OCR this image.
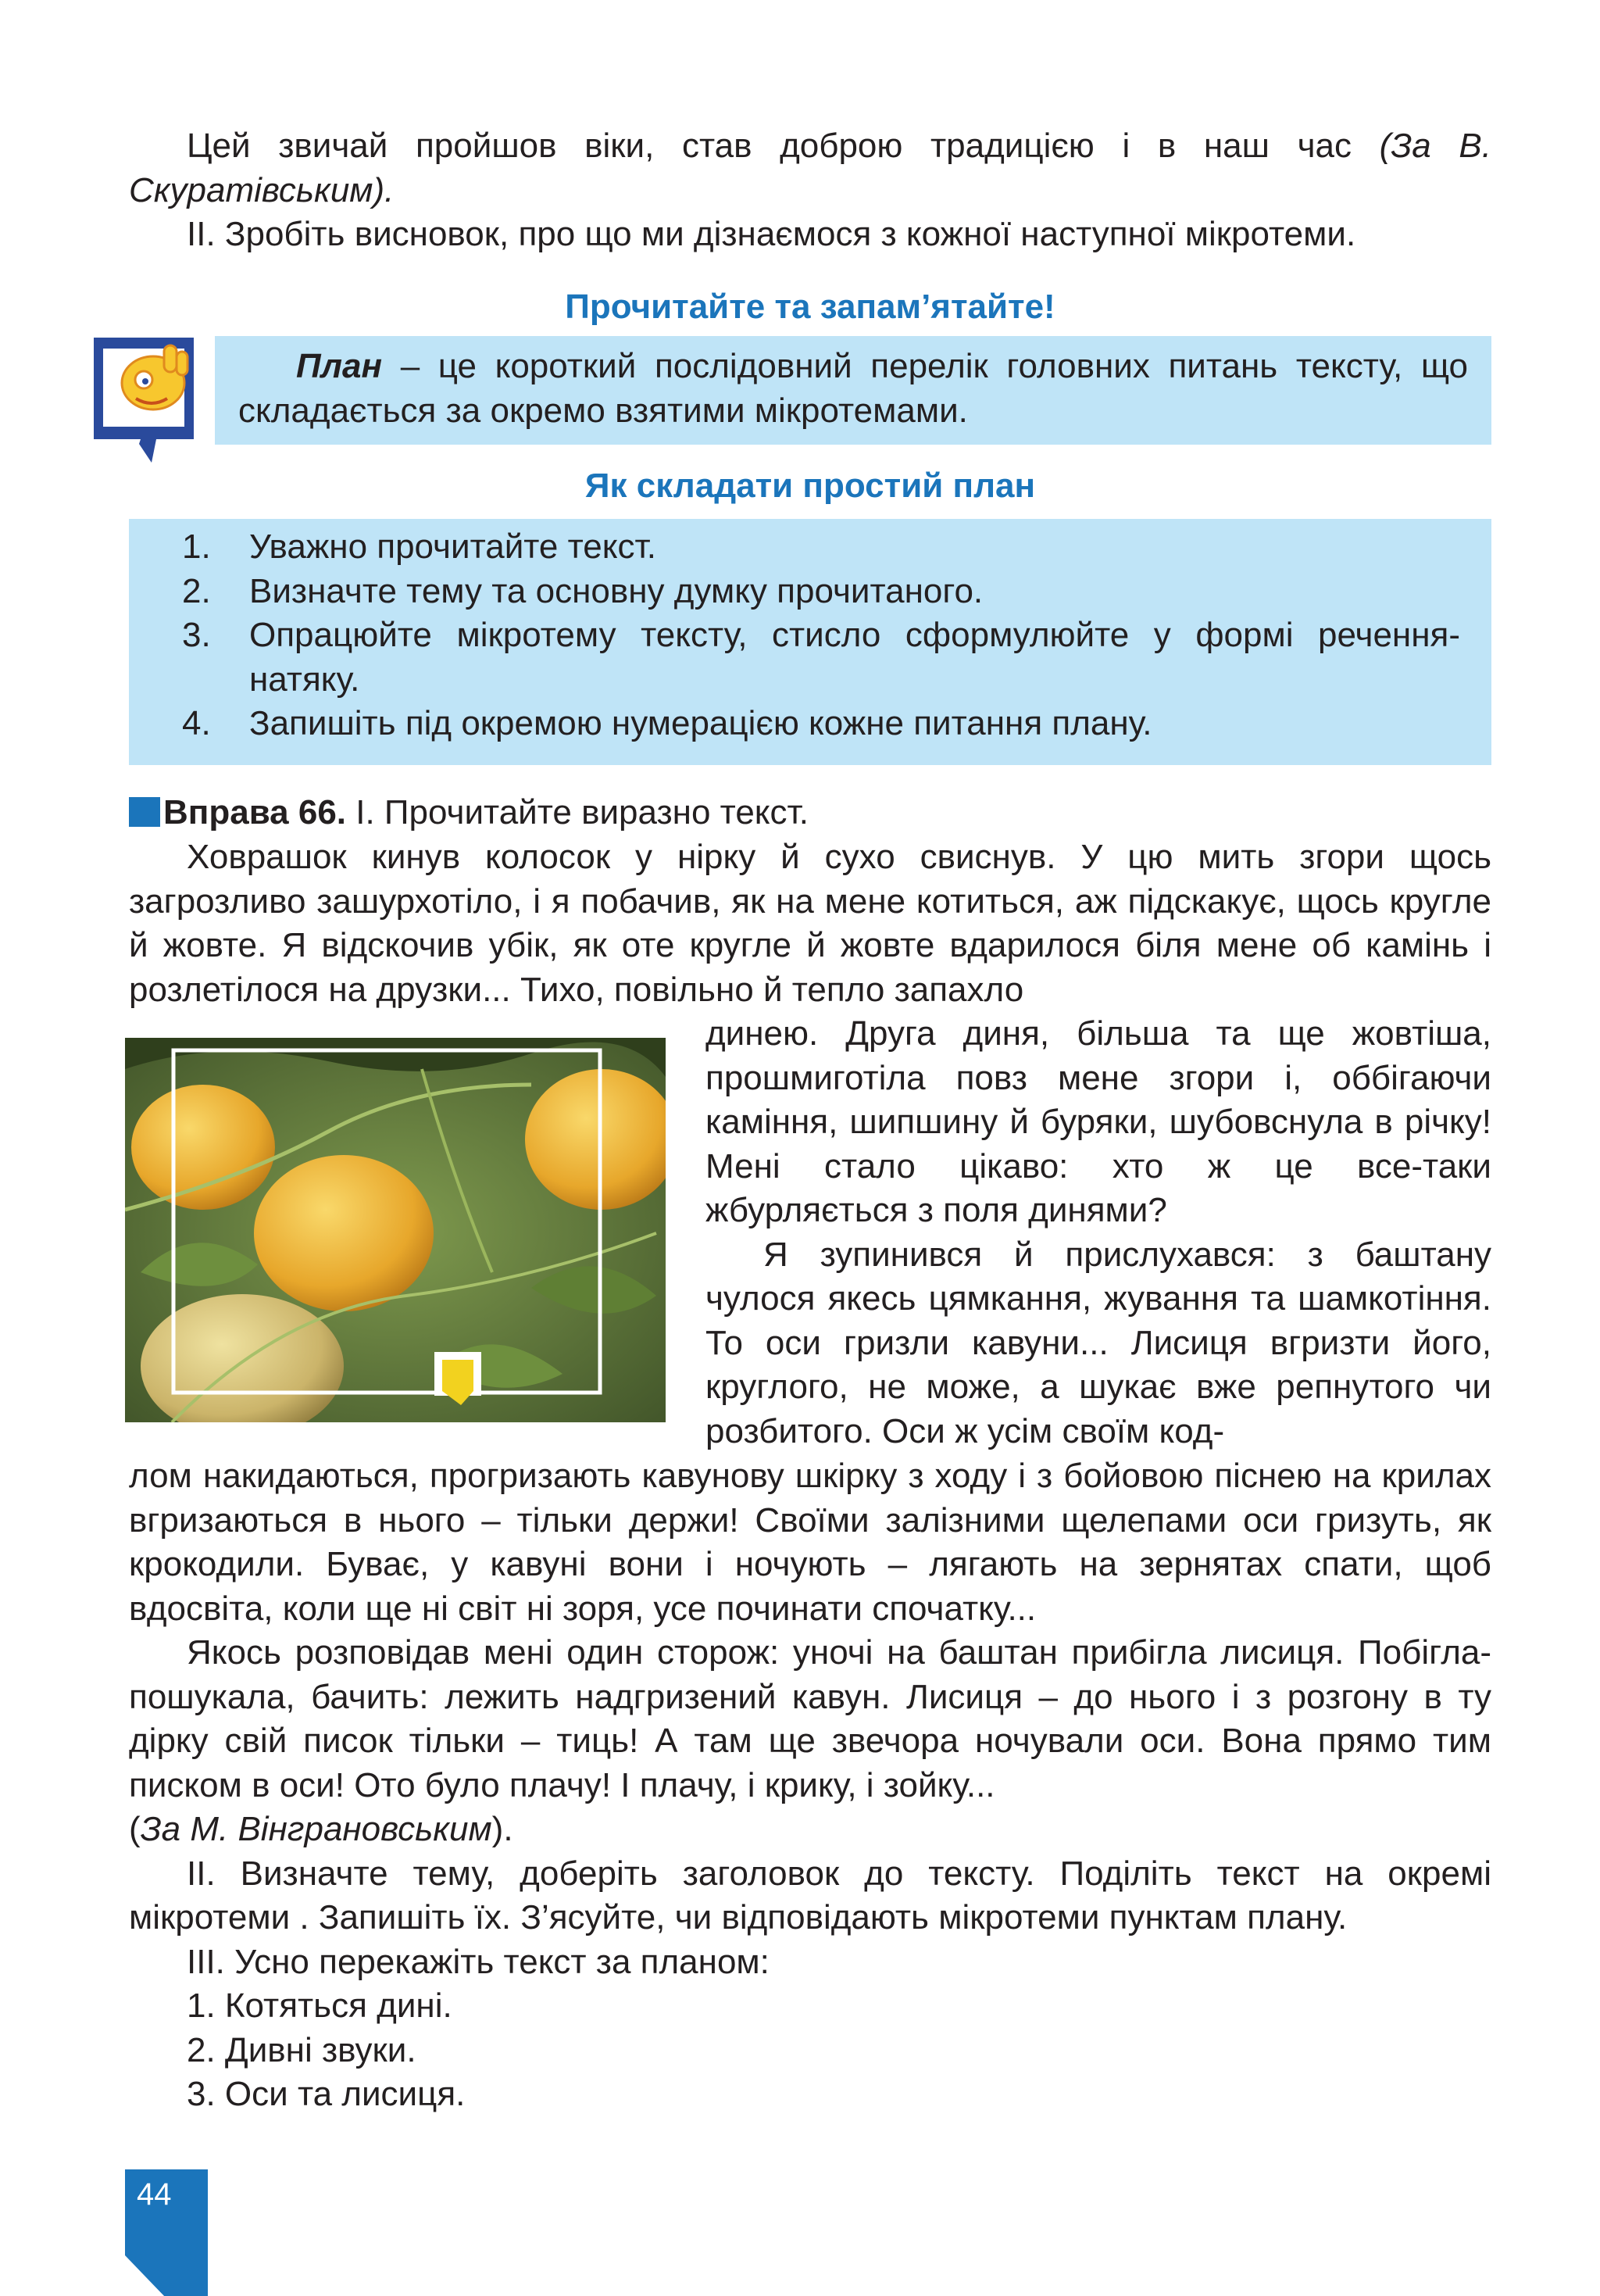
Цей звичай пройшов віки, став доброю традицією і в наш час (За В. Скуратівським).

II. Зробіть висновок, про що ми дізнаємося з кожної наступної мікротеми.

Прочитайте та запам’ятайте!

План – це короткий послідовний перелік головних питань тексту, що складається за окремо взятими мікротемами.

Як складати простий план
1.	Уважно прочитайте текст.
2.	Визначте тему та основну думку прочитаного.
3.	Опрацюйте мікротему тексту, стисло сформулюйте у формі речення-натяку.
4.	Запишіть під окремою нумерацією кожне питання плану.
Вправа 66. I. Прочитайте виразно текст.

Ховрашок кинув колосок у нірку й сухо свиснув. У цю мить згори щось загрозливо зашурхотіло, і я побачив, як на мене котиться, аж підскакує, щось кругле й жовте. Я відскочив убік, як оте кругле й жовте вдарилося біля мене об камінь і розлетілося на друзки... Тихо, повільно й тепло запахло

динею. Друга диня, більша та ще жовтіша, прошмиготіла повз мене згори і, оббігаючи каміння, шипшину й буряки, шубовснула в річку! Мені стало цікаво: хто ж це все-таки жбурляється з поля динями?

Я зупинився й прислухався: з баштану чулося якесь цямкання, жування та шамкотіння. То оси гризли кавуни... Лисиця вгризти його, круглого, не може, а шукає вже репнутого чи розбитого. Оси ж усім своїм код-

лом накидаються, прогризають кавунову шкірку з ходу і з бойовою піснею на крилах вгризаються в нього – тільки держи! Своїми залізними щелепами оси гризуть, як крокодили. Буває, у кавуні вони і ночують – лягають на зернятах спати, щоб вдосвіта, коли ще ні світ ні зоря, усе починати спочатку...

Якось розповідав мені один сторож: уночі на баштан прибігла лисиця. Побігла-пошукала, бачить: лежить надгризений кавун. Лисиця – до нього і з розгону в ту дірку свій писок тільки – тиць! А там ще звечора ночували оси. Вона прямо тим писком в оси! Ото було плачу! І плачу, і крику, і зойку...

(За М. Вінграновським).

II. Визначте тему, доберіть заголовок до тексту. Поділіть текст на окремі мікротеми . Запишіть їх. З’ясуйте, чи відповідають мікротеми пунктам плану.

III. Усно перекажіть текст за планом:

1. Котяться дині.

2. Дивні звуки.

3. Оси та лисиця.

44
